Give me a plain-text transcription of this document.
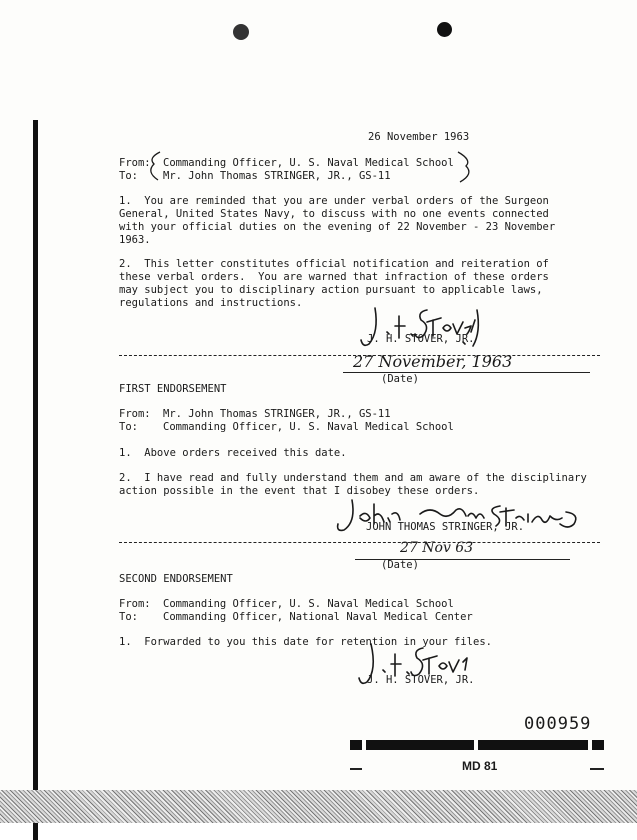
26 November 1963
From: Commanding Officer, U. S. Naval Medical School
To: Mr. John Thomas STRINGER, JR., GS-11
1.  You are reminded that you are under verbal orders of the Surgeon
General, United States Navy, to discuss with no one events connected
with your official duties on the evening of 22 November - 23 November
1963.
2.  This letter constitutes official notification and reiteration of
these verbal orders.  You are warned that infraction of these orders
may subject you to disciplinary action pursuant to applicable laws,
regulations and instructions.
J. H. STOVER, JR.
27 November, 1963
(Date)
FIRST ENDORSEMENT
From: Mr. John Thomas STRINGER, JR., GS-11
To: Commanding Officer, U. S. Naval Medical School
1.  Above orders received this date.
2.  I have read and fully understand them and am aware of the disciplinary
action possible in the event that I disobey these orders.
JOHN THOMAS STRINGER, JR.
27 Nov 63
(Date)
SECOND ENDORSEMENT
From: Commanding Officer, U. S. Naval Medical School
To: Commanding Officer, National Naval Medical Center
1.  Forwarded to you this date for retention in your files.
J. H. STOVER, JR.
000959
MD 81
